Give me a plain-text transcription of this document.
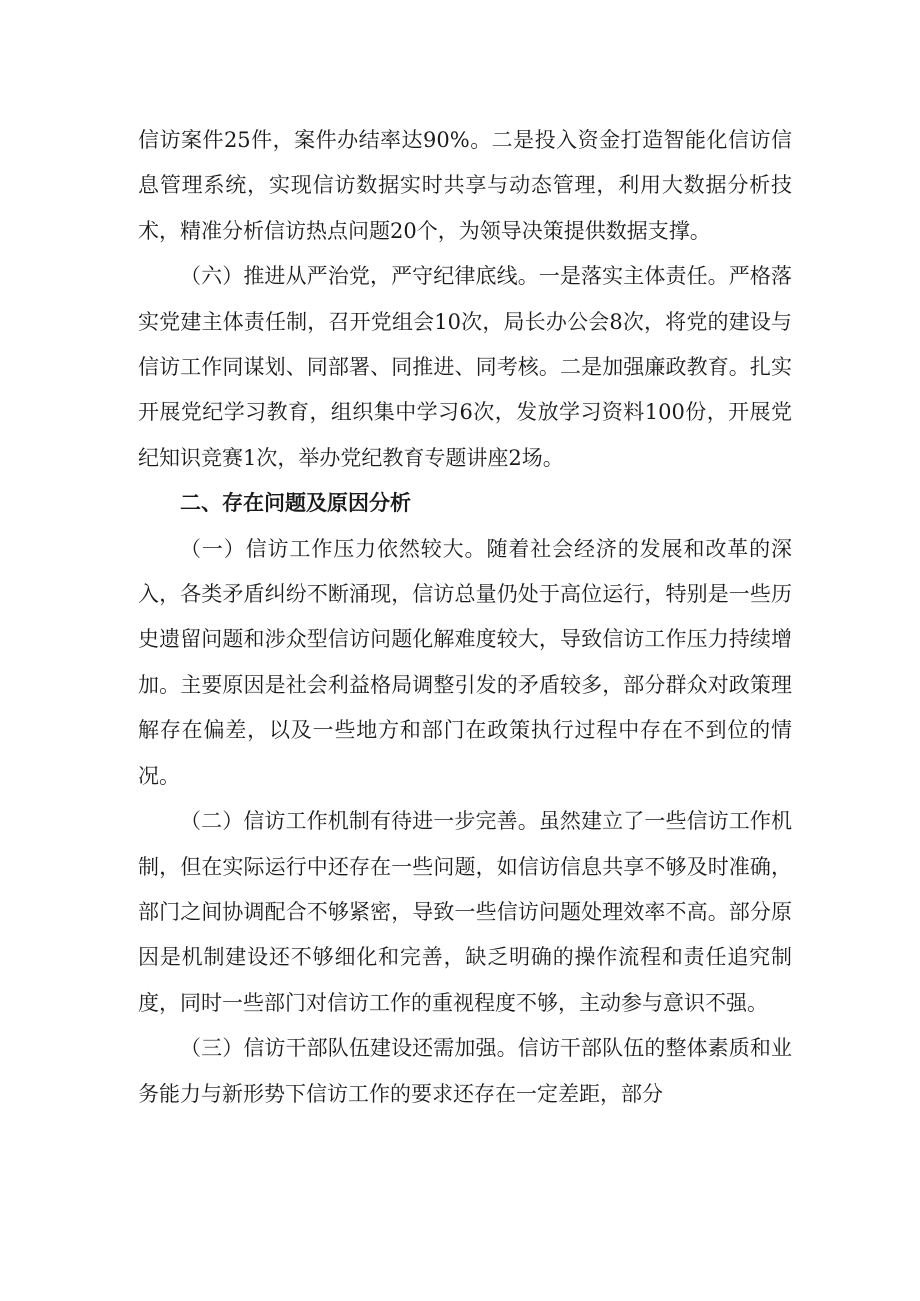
信访案件25件，案件办结率达90%。二是投入资金打造智能化信访信息管理系统，实现信访数据实时共享与动态管理，利用大数据分析技术，精准分析信访热点问题20个，为领导决策提供数据支撑。

（六）推进从严治党，严守纪律底线。一是落实主体责任。严格落实党建主体责任制，召开党组会10次，局长办公会8次，将党的建设与信访工作同谋划、同部署、同推进、同考核。二是加强廉政教育。扎实开展党纪学习教育，组织集中学习6次，发放学习资料100份，开展党纪知识竞赛1次，举办党纪教育专题讲座2场。

二、存在问题及原因分析

（一）信访工作压力依然较大。随着社会经济的发展和改革的深入，各类矛盾纠纷不断涌现，信访总量仍处于高位运行，特别是一些历史遗留问题和涉众型信访问题化解难度较大，导致信访工作压力持续增加。主要原因是社会利益格局调整引发的矛盾较多，部分群众对政策理解存在偏差，以及一些地方和部门在政策执行过程中存在不到位的情况。

（二）信访工作机制有待进一步完善。虽然建立了一些信访工作机制，但在实际运行中还存在一些问题，如信访信息共享不够及时准确，部门之间协调配合不够紧密，导致一些信访问题处理效率不高。部分原因是机制建设还不够细化和完善，缺乏明确的操作流程和责任追究制度，同时一些部门对信访工作的重视程度不够，主动参与意识不强。

（三）信访干部队伍建设还需加强。信访干部队伍的整体素质和业务能力与新形势下信访工作的要求还存在一定差距，部分
